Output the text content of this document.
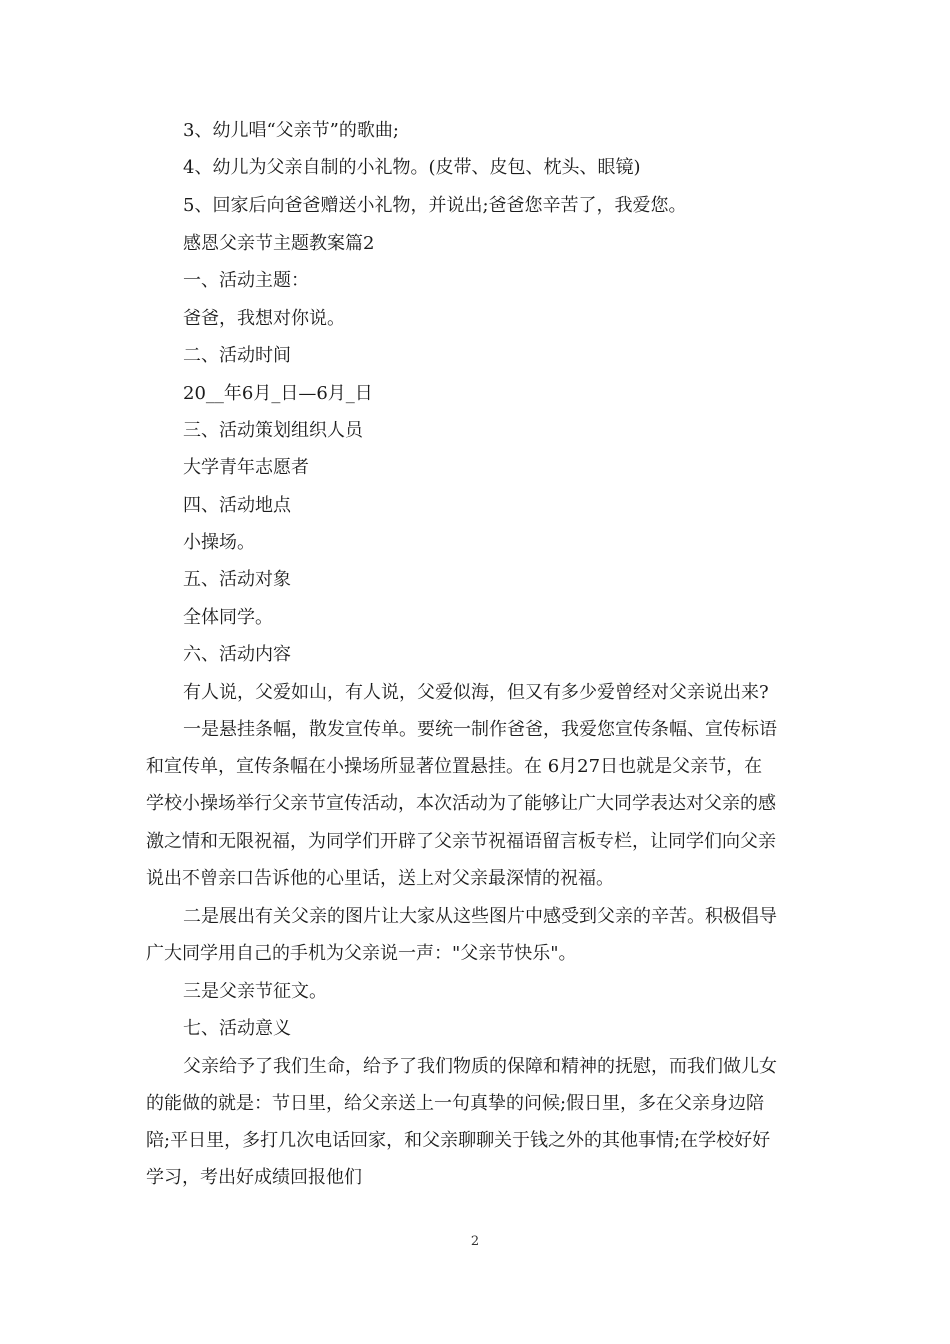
3、幼儿唱“父亲节”的歌曲;
4、幼儿为父亲自制的小礼物。(皮带、皮包、枕头、眼镜)
5、回家后向爸爸赠送小礼物，并说出;爸爸您辛苦了，我爱您。
感恩父亲节主题教案篇2
一、活动主题：
爸爸，我想对你说。
二、活动时间
20__年6月_日—6月_日
三、活动策划组织人员
大学青年志愿者
四、活动地点
小操场。
五、活动对象
全体同学。
六、活动内容
有人说，父爱如山，有人说，父爱似海，但又有多少爱曾经对父亲说出来?
一是悬挂条幅，散发宣传单。要统一制作爸爸，我爱您宣传条幅、宣传标语
和宣传单，宣传条幅在小操场所显著位置悬挂。在 6月27日也就是父亲节，在
学校小操场举行父亲节宣传活动，本次活动为了能够让广大同学表达对父亲的感
激之情和无限祝福，为同学们开辟了父亲节祝福语留言板专栏，让同学们向父亲
说出不曾亲口告诉他的心里话，送上对父亲最深情的祝福。
二是展出有关父亲的图片让大家从这些图片中感受到父亲的辛苦。积极倡导
广大同学用自己的手机为父亲说一声："父亲节快乐"。
三是父亲节征文。
七、活动意义
父亲给予了我们生命，给予了我们物质的保障和精神的抚慰，而我们做儿女
的能做的就是：节日里，给父亲送上一句真挚的问候;假日里，多在父亲身边陪
陪;平日里，多打几次电话回家，和父亲聊聊关于钱之外的其他事情;在学校好好
学习，考出好成绩回报他们
2
